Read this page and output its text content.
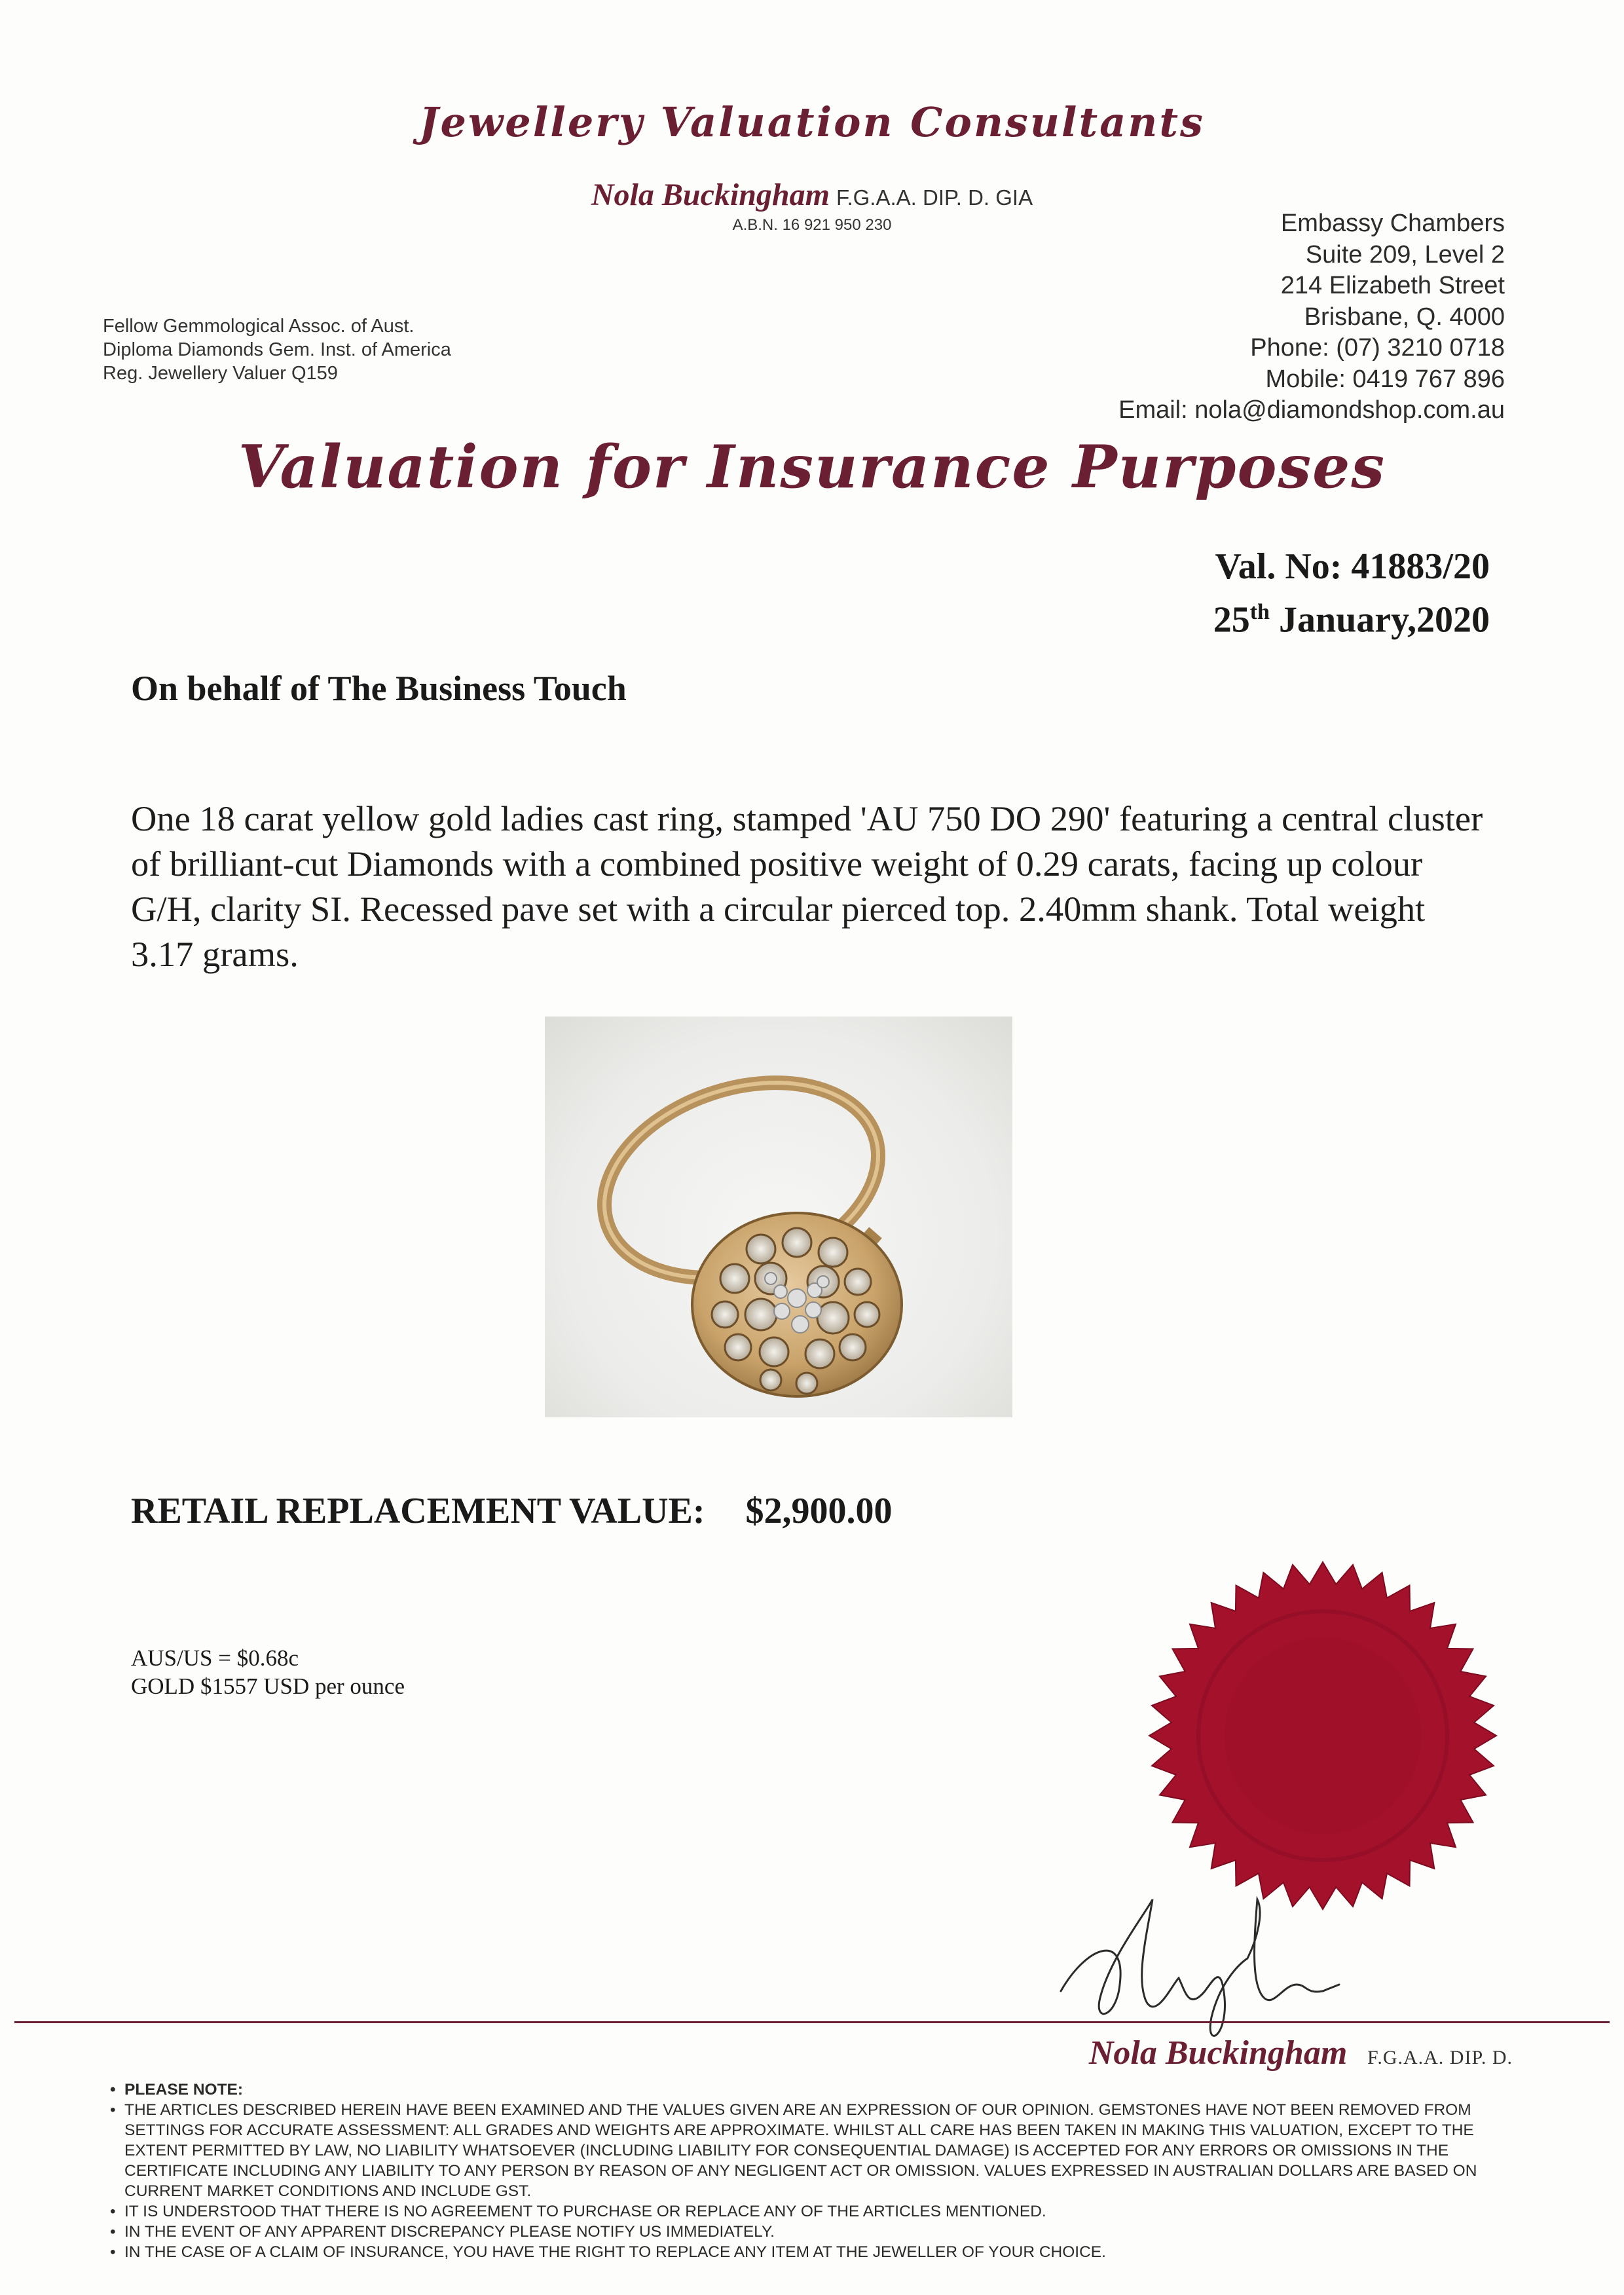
Jewellery Valuation Consultants
Nola Buckingham F.G.A.A. DIP. D. GIA
A.B.N. 16 921 950 230	Embassy Chambers
Suite 209, Level 2
214 Elizabeth Street
Brisbane, Q. 4000
Phone: (07) 3210 0718
Mobile: 0419 767 896
Email: nola@diamondshop.com.au
Fellow Gemmological Assoc. of Aust.
Diploma Diamonds Gem. Inst. of America
Reg. Jewellery Valuer Q159
Valuation for Insurance Purposes
Val. No: 41883/20
25th January,2020
On behalf of The Business Touch
One 18 carat yellow gold ladies cast ring, stamped 'AU 750 DO 290' featuring a central cluster of brilliant-cut Diamonds with a combined positive weight of 0.29 carats, facing up colour G/H, clarity SI. Recessed pave set with a circular pierced top. 2.40mm shank. Total weight 3.17 grams.
RETAIL REPLACEMENT VALUE: $2,900.00
AUS/US = $0.68c
GOLD $1557 USD per ounce
Nola Buckingham F.G.A.A. DIP. D.
• PLEASE NOTE:
• THE ARTICLES DESCRIBED HEREIN HAVE BEEN EXAMINED AND THE VALUES GIVEN ARE AN EXPRESSION OF OUR OPINION. GEMSTONES HAVE NOT BEEN REMOVED FROM SETTINGS FOR ACCURATE ASSESSMENT: ALL GRADES AND WEIGHTS ARE APPROXIMATE. WHILST ALL CARE HAS BEEN TAKEN IN MAKING THIS VALUATION, EXCEPT TO THE EXTENT PERMITTED BY LAW, NO LIABILITY WHATSOEVER (INCLUDING LIABILITY FOR CONSEQUENTIAL DAMAGE) IS ACCEPTED FOR ANY ERRORS OR OMISSIONS IN THE CERTIFICATE INCLUDING ANY LIABILITY TO ANY PERSON BY REASON OF ANY NEGLIGENT ACT OR OMISSION. VALUES EXPRESSED IN AUSTRALIAN DOLLARS ARE BASED ON CURRENT MARKET CONDITIONS AND INCLUDE GST.
• IT IS UNDERSTOOD THAT THERE IS NO AGREEMENT TO PURCHASE OR REPLACE ANY OF THE ARTICLES MENTIONED.
• IN THE EVENT OF ANY APPARENT DISCREPANCY PLEASE NOTIFY US IMMEDIATELY.
• IN THE CASE OF A CLAIM OF INSURANCE, YOU HAVE THE RIGHT TO REPLACE ANY ITEM AT THE JEWELLER OF YOUR CHOICE.
